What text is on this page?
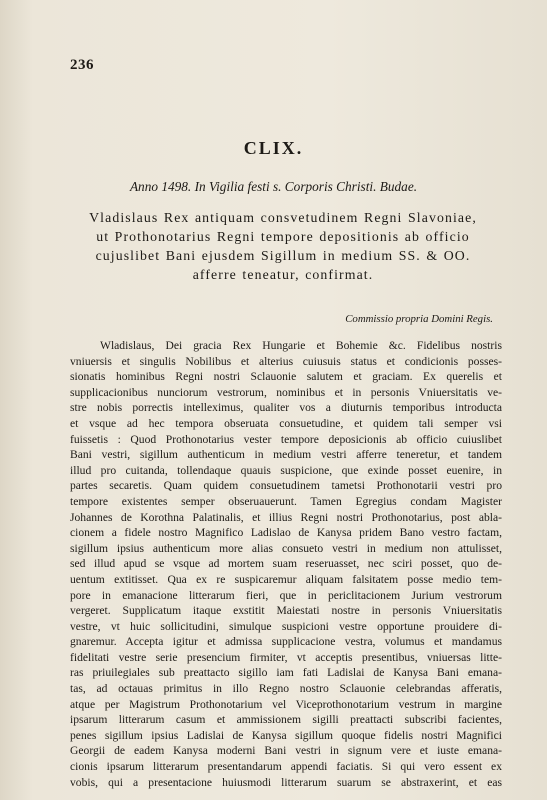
236
CLIX.
Anno 1498. In Vigilia festi s. Corporis Christi. Budae.
Vladislaus Rex antiquam consvetudinem Regni Slavoniae,
ut Prothonotarius Regni tempore depositionis ab officio
cujuslibet Bani ejusdem Sigillum in medium SS. & OO.
afferre teneatur, confirmat.
Commissio propria Domini Regis.
Wladislaus, Dei gracia Rex Hungarie et Bohemie &c. Fidelibus nostris
vniuersis et singulis Nobilibus et alterius cuiusuis status et condicionis posses-
sionatis hominibus Regni nostri Sclauonie salutem et graciam. Ex querelis et
supplicacionibus nunciorum vestrorum, nominibus et in personis Vniuersitatis ve-
stre nobis porrectis intelleximus, qualiter vos a diuturnis temporibus introducta
et vsque ad hec tempora obseruata consuetudine, et quidem tali semper vsi
fuissetis : Quod Prothonotarius vester tempore deposicionis ab officio cuiuslibet
Bani vestri, sigillum authenticum in medium vestri afferre teneretur, et tandem
illud pro cuitanda, tollendaque quauis suspicione, que exinde posset euenire, in
partes secaretis. Quam quidem consuetudinem tametsi Prothonotarii vestri pro
tempore existentes semper obseruauerunt. Tamen Egregius condam Magister
Johannes de Korothna Palatinalis, et illius Regni nostri Prothonotarius, post abla-
cionem a fidele nostro Magnifico Ladislao de Kanysa pridem Bano vestro factam,
sigillum ipsius authenticum more alias consueto vestri in medium non attulisset,
sed illud apud se vsque ad mortem suam reseruasset, nec sciri posset, quo de-
uentum extitisset. Qua ex re suspicaremur aliquam falsitatem posse medio tem-
pore in emanacione litterarum fieri, que in periclitacionem Jurium vestrorum
vergeret. Supplicatum itaque exstitit Maiestati nostre in personis Vniuersitatis
vestre, vt huic sollicitudini, simulque suspicioni vestre opportune prouidere di-
gnaremur. Accepta igitur et admissa supplicacione vestra, volumus et mandamus
fidelitati vestre serie presencium firmiter, vt acceptis presentibus, vniuersas litte-
ras priuilegiales sub preattacto sigillo iam fati Ladislai de Kanysa Bani emana-
tas, ad octauas primitus in illo Regno nostro Sclauonie celebrandas afferatis,
atque per Magistrum Prothonotarium vel Viceprothonotarium vestrum in margine
ipsarum litterarum casum et ammissionem sigilli preattacti subscribi facientes,
penes sigillum ipsius Ladislai de Kanysa sigillum quoque fidelis nostri Magnifici
Georgii de eadem Kanysa moderni Bani vestri in signum vere et iuste emana-
cionis ipsarum litterarum presentandarum appendi faciatis. Si qui vero essent ex
vobis, qui a presentacione huiusmodi litterarum suarum se abstraxerint, et eas
